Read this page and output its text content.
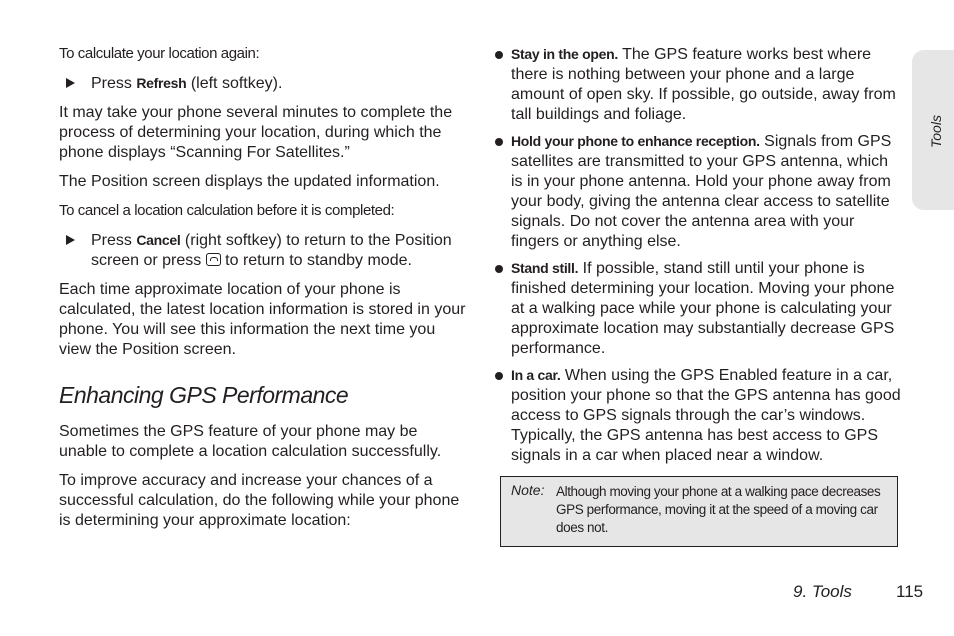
To calculate your location again:

Press Refresh (left softkey).

It may take your phone several minutes to complete the process of determining your location, during which the phone displays “Scanning For Satellites.”

The Position screen displays the updated information.

To cancel a location calculation before it is completed:

Press Cancel (right softkey) to return to the Position screen or press  to return to standby mode.

Each time approximate location of your phone is calculated, the latest location information is stored in your phone. You will see this information the next time you view the Position screen.

Enhancing GPS Performance

Sometimes the GPS feature of your phone may be unable to complete a location calculation successfully.

To improve accuracy and increase your chances of a successful calculation, do the following while your phone is determining your approximate location:

Stay in the open. The GPS feature works best where there is nothing between your phone and a large amount of open sky. If possible, go outside, away from tall buildings and foliage.
Hold your phone to enhance reception. Signals from GPS satellites are transmitted to your GPS antenna, which is in your phone antenna. Hold your phone away from your body, giving the antenna clear access to satellite signals. Do not cover the antenna area with your fingers or anything else.
Stand still. If possible, stand still until your phone is finished determining your location. Moving your phone at a walking pace while your phone is calculating your approximate location may substantially decrease GPS performance.
In a car. When using the GPS Enabled feature in a car, position your phone so that the GPS antenna has good access to GPS signals through the car’s windows. Typically, the GPS antenna has best access to GPS signals in a car when placed near a window.
Note: Although moving your phone at a walking pace decreases GPS performance, moving it at the speed of a moving car does not.
Tools
9. Tools	115
